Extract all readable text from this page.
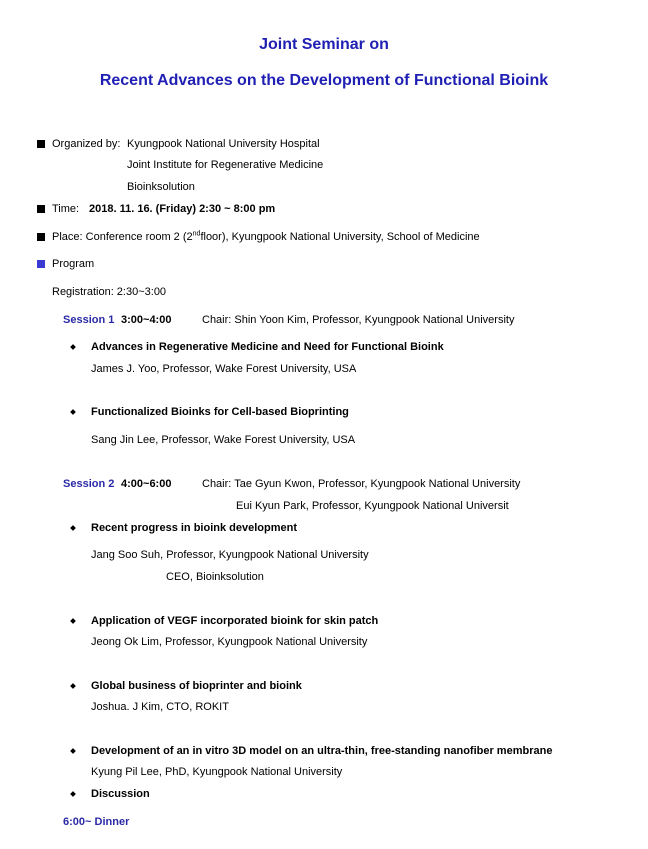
Joint Seminar on
Recent Advances on the Development of Functional Bioink
Organized by: Kyungpook National University Hospital
Joint Institute for Regenerative Medicine
Bioinksolution
Time: 2018. 11. 16. (Friday) 2:30 ~ 8:00 pm
Place: Conference room 2 (2ndfloor), Kyungpook National University, School of Medicine
Program
Registration: 2:30~3:00
Session 1 3:00~4:00	Chair: Shin Yoon Kim, Professor, Kyungpook National University
Advances in Regenerative Medicine and Need for Functional Bioink
James J. Yoo, Professor, Wake Forest University, USA
Functionalized Bioinks for Cell-based Bioprinting
Sang Jin Lee, Professor, Wake Forest University, USA
Session 2 4:00~6:00	Chair: Tae Gyun Kwon, Professor, Kyungpook National University
Eui Kyun Park, Professor, Kyungpook National Universit
Recent progress in bioink development
Jang Soo Suh, Professor, Kyungpook National University
CEO, Bioinksolution
Application of VEGF incorporated bioink for skin patch
Jeong Ok Lim, Professor, Kyungpook National University
Global business of bioprinter and bioink
Joshua. J Kim, CTO, ROKIT
Development of an in vitro 3D model on an ultra-thin, free-standing nanofiber membrane
Kyung Pil Lee, PhD, Kyungpook National University
Discussion
6:00~ Dinner
